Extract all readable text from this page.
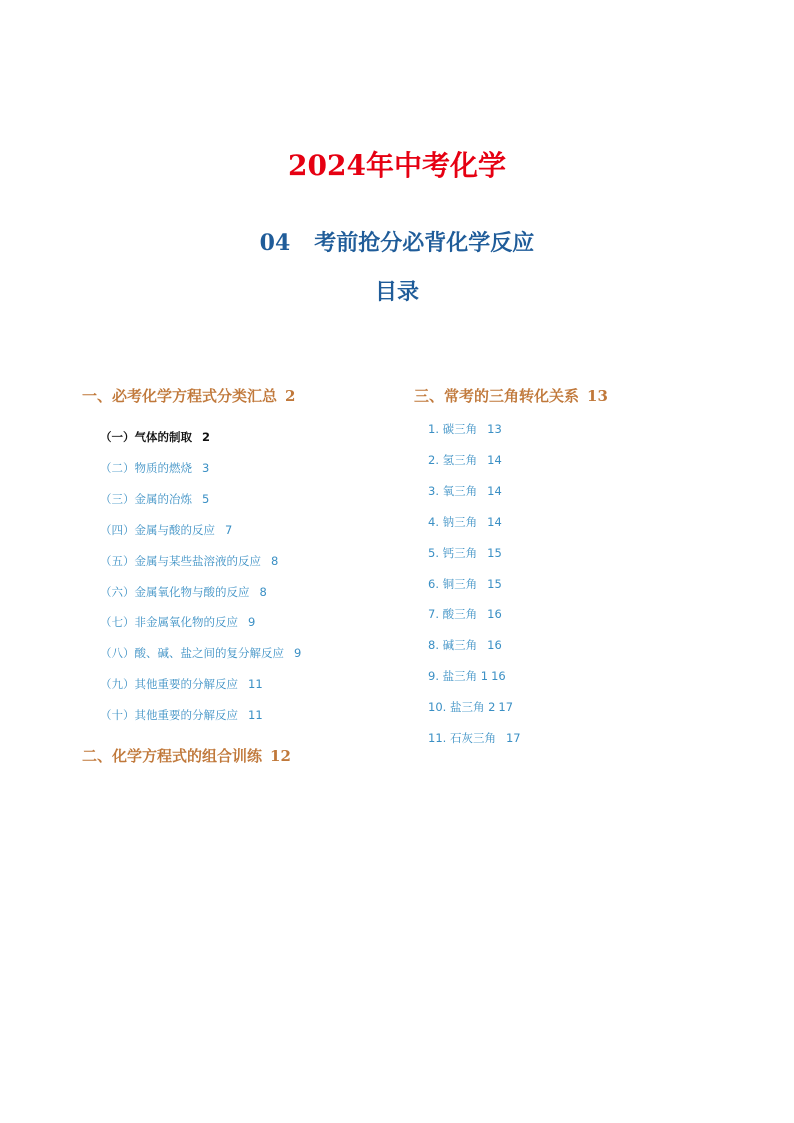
2024年中考化学
04 考前抢分必背化学反应
目录
一、必考化学方程式分类汇总 2
（一）气体的制取 2
（二）物质的燃烧 3
（三）金属的冶炼 5
（四）金属与酸的反应 7
（五）金属与某些盐溶液的反应 8
（六）金属氧化物与酸的反应 8
（七）非金属氧化物的反应 9
（八）酸、碱、盐之间的复分解反应 9
（九）其他重要的分解反应 11
（十）其他重要的分解反应 11
二、化学方程式的组合训练 12
三、常考的三角转化关系 13
1. 碳三角 13
2. 氢三角 14
3. 氧三角 14
4. 钠三角 14
5. 钙三角 15
6. 铜三角 15
7. 酸三角 16
8. 碱三角 16
9. 盐三角 1 16
10. 盐三角 2 17
11. 石灰三角 17
